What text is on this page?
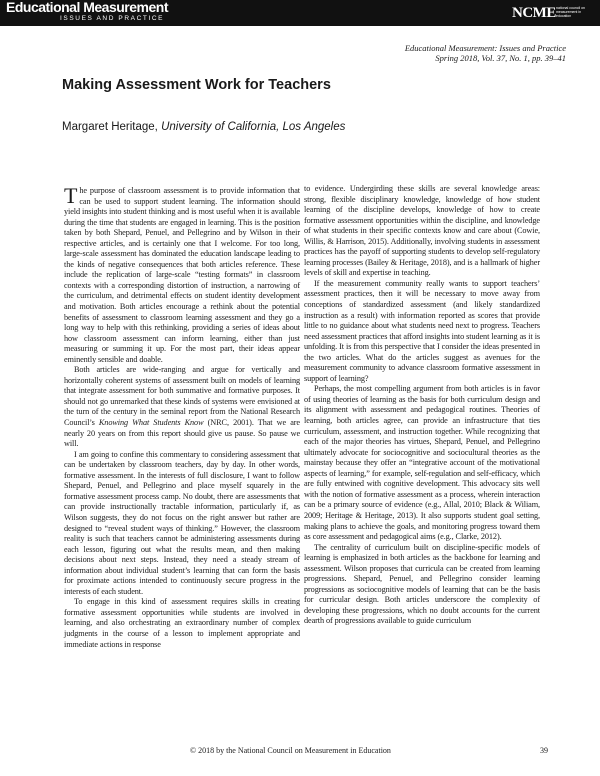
Educational Measurement
ISSUES AND PRACTICE	NCME national council on measurement in education
Educational Measurement: Issues and Practice
Spring 2018, Vol. 37, No. 1, pp. 39–41
Making Assessment Work for Teachers
Margaret Heritage, University of California, Los Angeles

The purpose of classroom assessment is to provide information that can be used to support student learning. The information should yield insights into student thinking and is most useful when it is available during the time that students are engaged in learning. This is the position taken by both Shepard, Penuel, and Pellegrino and by Wilson in their respective articles, and is certainly one that I welcome. For too long, large-scale assessment has dominated the education landscape leading to the kinds of negative consequences that both articles reference. These include the replication of large-scale “testing formats” in classroom contexts with a corresponding distortion of instruction, a narrowing of the curriculum, and detrimental effects on student identity development and motivation. Both articles encourage a rethink about the potential benefits of assessment to classroom learning assessment and they go a long way to help with this rethinking, providing a series of ideas about how classroom assessment can inform learning, either than just measuring or summing it up. For the most part, their ideas appear eminently sensible and doable.

Both articles are wide-ranging and argue for vertically and horizontally coherent systems of assessment built on models of learning that integrate assessment for both summative and formative purposes. It should not go unremarked that these kinds of systems were envisioned at the turn of the century in the seminal report from the National Research Council’s Knowing What Students Know (NRC, 2001). That we are nearly 20 years on from this report should give us pause. So pause we will.

I am going to confine this commentary to considering assessment that can be undertaken by classroom teachers, day by day. In other words, formative assessment. In the interests of full disclosure, I want to follow Shepard, Penuel, and Pellegrino and place myself squarely in the formative assessment process camp. No doubt, there are assessments that can provide instructionally tractable information, particularly if, as Wilson suggests, they do not focus on the right answer but rather are designed to “reveal student ways of thinking.” However, the classroom reality is such that teachers cannot be administering assessments during each lesson, figuring out what the results mean, and then making decisions about next steps. Instead, they need a steady stream of information about individual student’s learning that can form the basis for proximate actions intended to continuously secure progress in the interests of each student.

To engage in this kind of assessment requires skills in creating formative assessment opportunities while students are involved in learning, and also orchestrating an extraordinary number of complex judgments in the course of a lesson to implement appropriate and immediate actions in response

to evidence. Undergirding these skills are several knowledge areas: strong, flexible disciplinary knowledge, knowledge of how student learning of the discipline develops, knowledge of how to create formative assessment opportunities within the discipline, and knowledge of what students in their specific contexts know and care about (Cowie, Willis, & Harrison, 2015). Additionally, involving students in assessment practices has the payoff of supporting students to develop self-regulatory learning processes (Bailey & Heritage, 2018), and is a hallmark of higher levels of skill and expertise in teaching.

If the measurement community really wants to support teachers’ assessment practices, then it will be necessary to move away from conceptions of standardized assessment (and likely standardized instruction as a result) with information reported as scores that provide little to no guidance about what students need next to progress. Teachers need assessment practices that afford insights into student learning as it is unfolding. It is from this perspective that I consider the ideas presented in the two articles. What do the articles suggest as avenues for the measurement community to advance classroom formative assessment in support of learning?

Perhaps, the most compelling argument from both articles is in favor of using theories of learning as the basis for both curriculum design and its alignment with assessment and pedagogical routines. Theories of learning, both articles agree, can provide an infrastructure that ties curriculum, assessment, and instruction together. While recognizing that each of the major theories has virtues, Shepard, Penuel, and Pellegrino ultimately advocate for sociocognitive and sociocultural theories as the mainstay because they offer an “integrative account of the motivational aspects of learning,” for example, self-regulation and self-efficacy, which are fully entwined with cognitive development. This advocacy sits well with the notion of formative assessment as a process, wherein interaction can be a primary source of evidence (e.g., Allal, 2010; Black & Wiliam, 2009; Heritage & Heritage, 2013). It also supports student goal setting, making plans to achieve the goals, and monitoring progress toward them as core assessment and pedagogical aims (e.g., Clarke, 2012).

The centrality of curriculum built on discipline-specific models of learning is emphasized in both articles as the backbone for learning and assessment. Wilson proposes that curricula can be created from learning progressions. Shepard, Penuel, and Pellegrino consider learning progressions as sociocognitive models of learning that can be the basis for curricular design. Both articles underscore the complexity of developing these progressions, which no doubt accounts for the current dearth of progressions available to guide curriculum

© 2018 by the National Council on Measurement in Education	39
